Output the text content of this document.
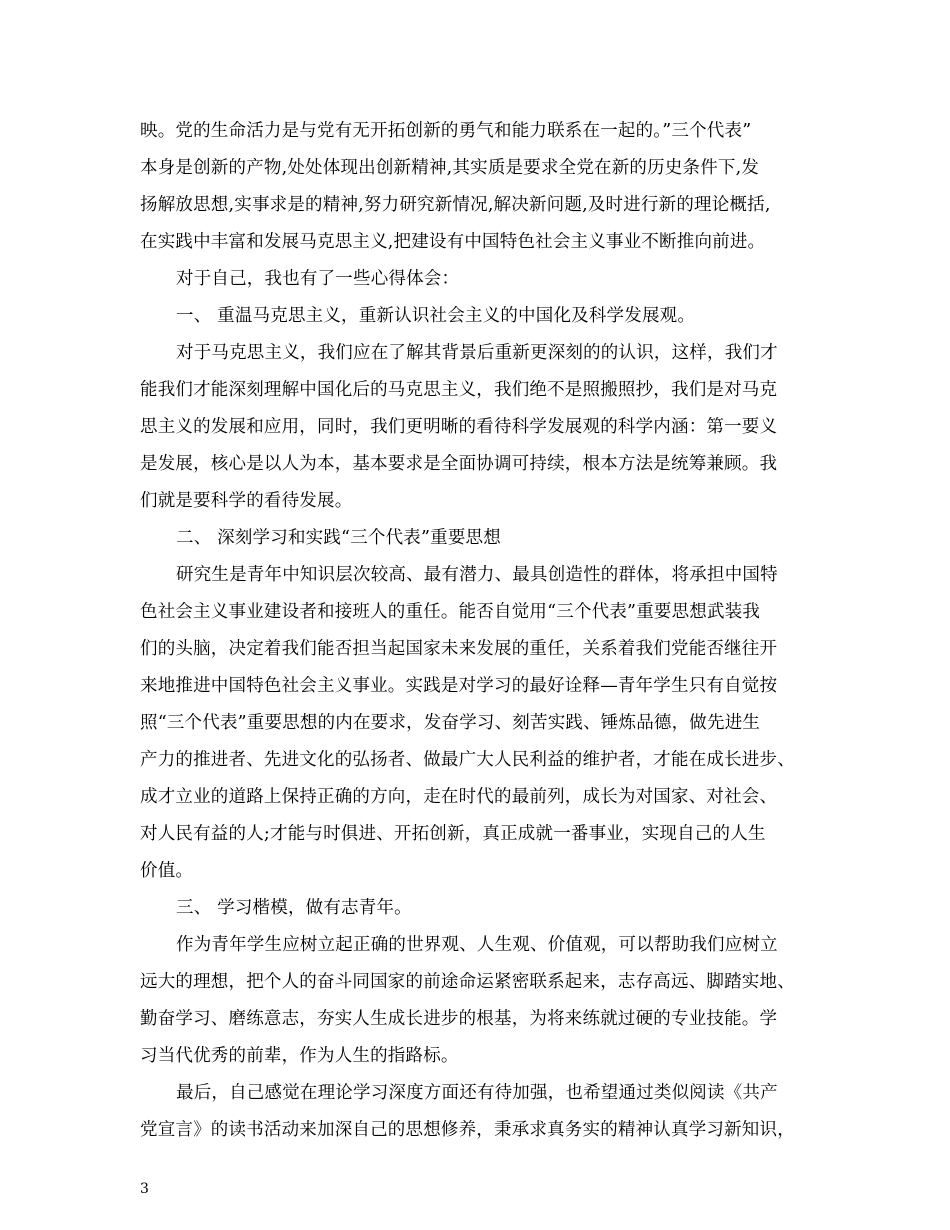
映。党的生命活力是与党有无开拓创新的勇气和能力联系在一起的。”三个代表”
本身是创新的产物,处处体现出创新精神,其实质是要求全党在新的历史条件下,发
扬解放思想,实事求是的精神,努力研究新情况,解决新问题,及时进行新的理论概括,
在实践中丰富和发展马克思主义,把建设有中国特色社会主义事业不断推向前进。
对于自己，我也有了一些心得体会：
一、 重温马克思主义，重新认识社会主义的中国化及科学发展观。
对于马克思主义，我们应在了解其背景后重新更深刻的的认识，这样，我们才
能我们才能深刻理解中国化后的马克思主义，我们绝不是照搬照抄，我们是对马克
思主义的发展和应用，同时，我们更明晰的看待科学发展观的科学内涵：第一要义
是发展，核心是以人为本，基本要求是全面协调可持续，根本方法是统筹兼顾。我
们就是要科学的看待发展。
二、 深刻学习和实践“三个代表”重要思想
研究生是青年中知识层次较高、最有潜力、最具创造性的群体，将承担中国特
色社会主义事业建设者和接班人的重任。能否自觉用“三个代表”重要思想武装我
们的头脑，决定着我们能否担当起国家未来发展的重任，关系着我们党能否继往开
来地推进中国特色社会主义事业。实践是对学习的最好诠释—青年学生只有自觉按
照“三个代表”重要思想的内在要求，发奋学习、刻苦实践、锤炼品德，做先进生
产力的推进者、先进文化的弘扬者、做最广大人民利益的维护者，才能在成长进步、
成才立业的道路上保持正确的方向，走在时代的最前列，成长为对国家、对社会、
对人民有益的人;才能与时俱进、开拓创新，真正成就一番事业，实现自己的人生
价值。
三、 学习楷模，做有志青年。
作为青年学生应树立起正确的世界观、人生观、价值观，可以帮助我们应树立
远大的理想，把个人的奋斗同国家的前途命运紧密联系起来，志存高远、脚踏实地、
勤奋学习、磨练意志，夯实人生成长进步的根基，为将来练就过硬的专业技能。学
习当代优秀的前辈，作为人生的指路标。
最后，自己感觉在理论学习深度方面还有待加强，也希望通过类似阅读《共产
党宣言》的读书活动来加深自己的思想修养，秉承求真务实的精神认真学习新知识，
3
